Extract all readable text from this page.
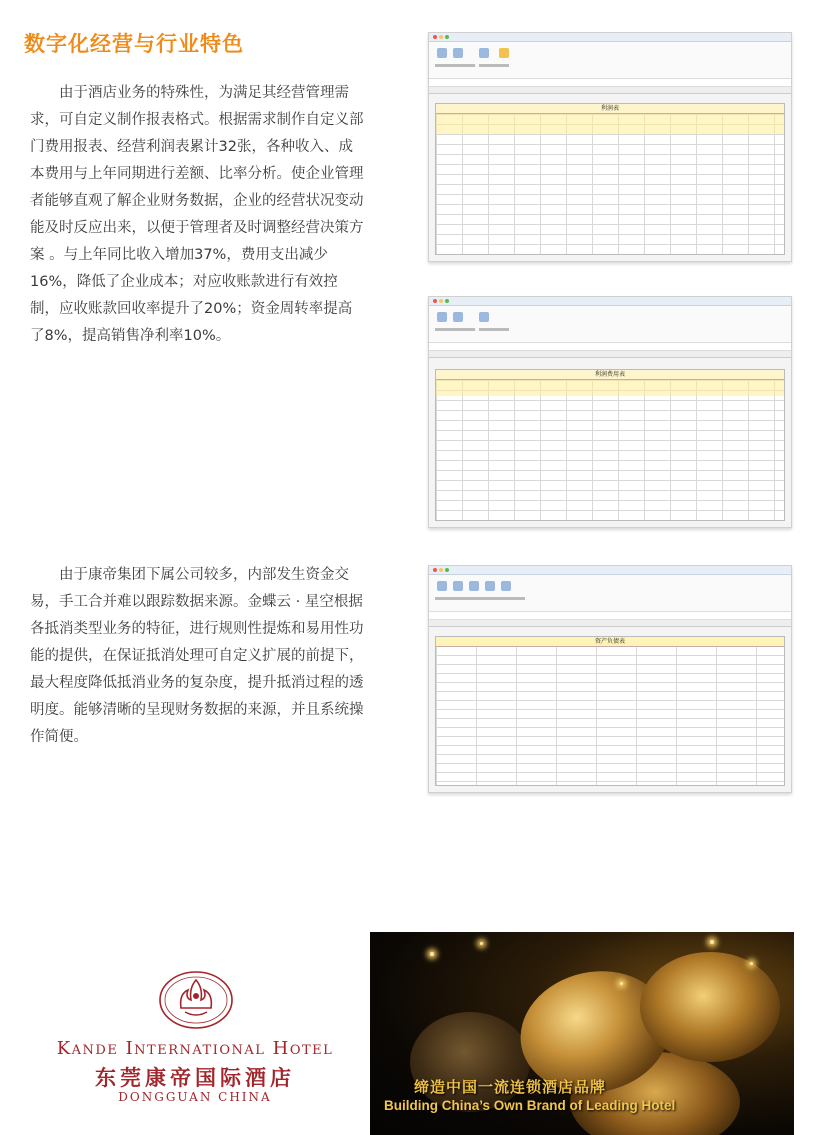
数字化经营与行业特色
由于酒店业务的特殊性，为满足其经营管理需
求，可自定义制作报表格式。根据需求制作自定义部
门费用报表、经营利润表累计32张，各种收入、成
本费用与上年同期进行差额、比率分析。使企业管理
者能够直观了解企业财务数据，企业的经营状况变动
能及时反应出来，以便于管理者及时调整经营决策方
案 。与上年同比收入增加37%，费用支出减少
16%，降低了企业成本；对应收账款进行有效控
制，应收账款回收率提升了20%；资金周转率提高
了8%，提高销售净利率10%。
由于康帝集团下属公司较多，内部发生资金交
易，手工合并难以跟踪数据来源。金蝶云 · 星空根据
各抵消类型业务的特征，进行规则性提炼和易用性功
能的提供，在保证抵消处理可自定义扩展的前提下，
最大程度降低抵消业务的复杂度，提升抵消过程的透
明度。能够清晰的呈现财务数据的来源，并且系统操
作简便。
利润表
利润费用表
资产负债表
Kande International Hotel
东莞康帝国际酒店
DONGGUAN CHINA
缔造中国一流连锁酒店品牌
Building China’s Own Brand of Leading Hotel
